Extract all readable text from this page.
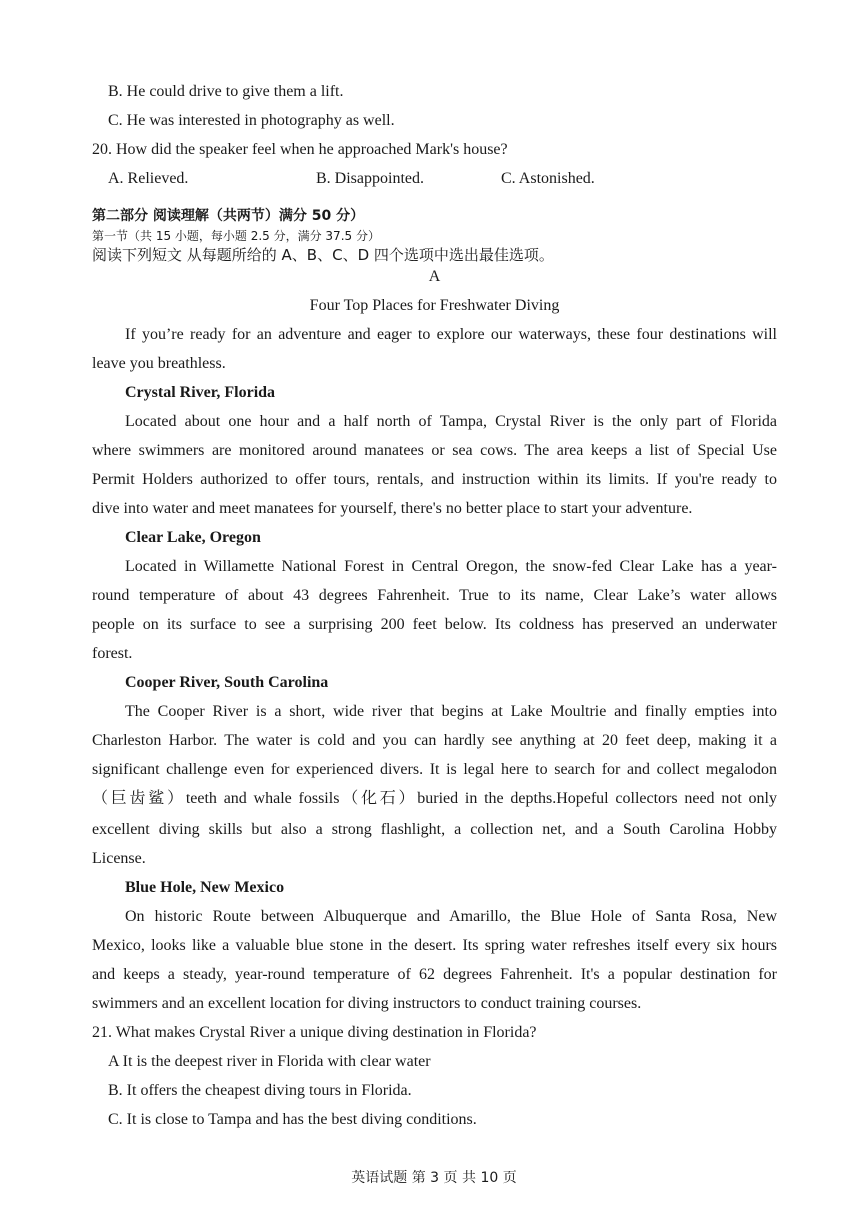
B. He could drive to give them a lift.
C. He was interested in photography as well.
20. How did the speaker feel when he approached Mark's house?
A. Relieved.	B. Disappointed.	C. Astonished.
第二部分 阅读理解（共两节）满分 50 分）
第一节（共 15 小题，每小题 2.5 分，满分 37.5 分）
阅读下列短文 从每题所给的 A、B、C、D 四个选项中选出最佳选项。
A
Four Top Places for Freshwater Diving
If you’re ready for an adventure and eager to explore our waterways, these four destinations will
leave you breathless.
Crystal River, Florida
Located about one hour and a half north of Tampa, Crystal River is the only part of Florida
where swimmers are monitored around manatees or sea cows. The area keeps a list of Special Use
Permit Holders authorized to offer tours, rentals, and instruction within its limits. If you're ready to
dive into water and meet manatees for yourself, there's no better place to start your adventure.
Clear Lake, Oregon
Located in Willamette National Forest in Central Oregon, the snow-fed Clear Lake has a year-
round temperature of about 43 degrees Fahrenheit. True to its name, Clear Lake’s water allows
people on its surface to see a surprising 200 feet below. Its coldness has preserved an underwater
forest.
Cooper River, South Carolina
The Cooper River is a short, wide river that begins at Lake Moultrie and finally empties into
Charleston Harbor. The water is cold and you can hardly see anything at 20 feet deep, making it a
significant challenge even for experienced divers. It is legal here to search for and collect megalodon
（巨齿鲨）teeth and whale fossils（化石）buried in the depths.Hopeful collectors need not only
excellent diving skills but also a strong flashlight, a collection net, and a South Carolina Hobby
License.
Blue Hole, New Mexico
On historic Route between Albuquerque and Amarillo, the Blue Hole of Santa Rosa, New
Mexico, looks like a valuable blue stone in the desert. Its spring water refreshes itself every six hours
and keeps a steady, year-round temperature of 62 degrees Fahrenheit. It's a popular destination for
swimmers and an excellent location for diving instructors to conduct training courses.
21. What makes Crystal River a unique diving destination in Florida?
A It is the deepest river in Florida with clear water
B. It offers the cheapest diving tours in Florida.
C. It is close to Tampa and has the best diving conditions.
英语试题 第 3 页 共 10 页
